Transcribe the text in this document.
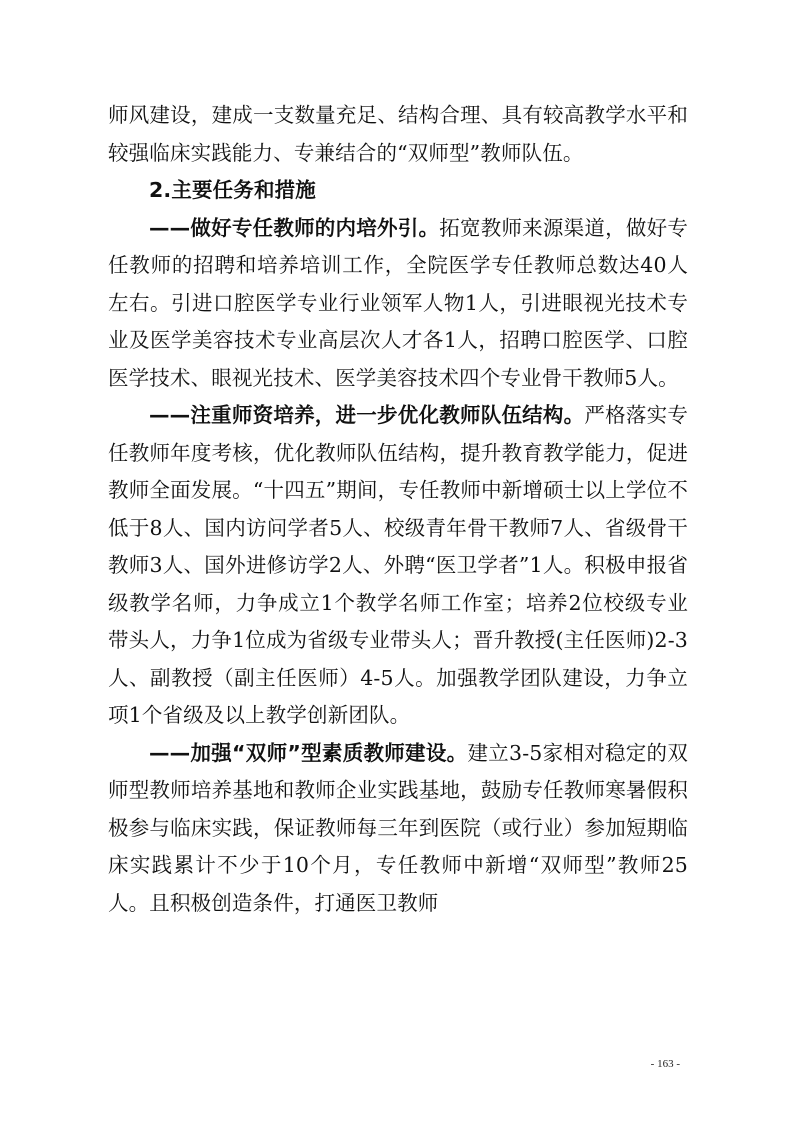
师风建设，建成一支数量充足、结构合理、具有较高教学水平和较强临床实践能力、专兼结合的“双师型”教师队伍。

2.主要任务和措施

——做好专任教师的内培外引。拓宽教师来源渠道，做好专任教师的招聘和培养培训工作，全院医学专任教师总数达40人左右。引进口腔医学专业行业领军人物1人，引进眼视光技术专业及医学美容技术专业高层次人才各1人，招聘口腔医学、口腔医学技术、眼视光技术、医学美容技术四个专业骨干教师5人。

——注重师资培养，进一步优化教师队伍结构。严格落实专任教师年度考核，优化教师队伍结构，提升教育教学能力，促进教师全面发展。“十四五”期间，专任教师中新增硕士以上学位不低于8人、国内访问学者5人、校级青年骨干教师7人、省级骨干教师3人、国外进修访学2人、外聘“医卫学者”1人。积极申报省级教学名师，力争成立1个教学名师工作室；培养2位校级专业带头人，力争1位成为省级专业带头人；晋升教授(主任医师)2-3人、副教授（副主任医师）4-5人。加强教学团队建设，力争立项1个省级及以上教学创新团队。

——加强“双师”型素质教师建设。建立3-5家相对稳定的双师型教师培养基地和教师企业实践基地，鼓励专任教师寒暑假积极参与临床实践，保证教师每三年到医院（或行业）参加短期临床实践累计不少于10个月，专任教师中新增“双师型”教师25人。且积极创造条件，打通医卫教师

- 163 -
